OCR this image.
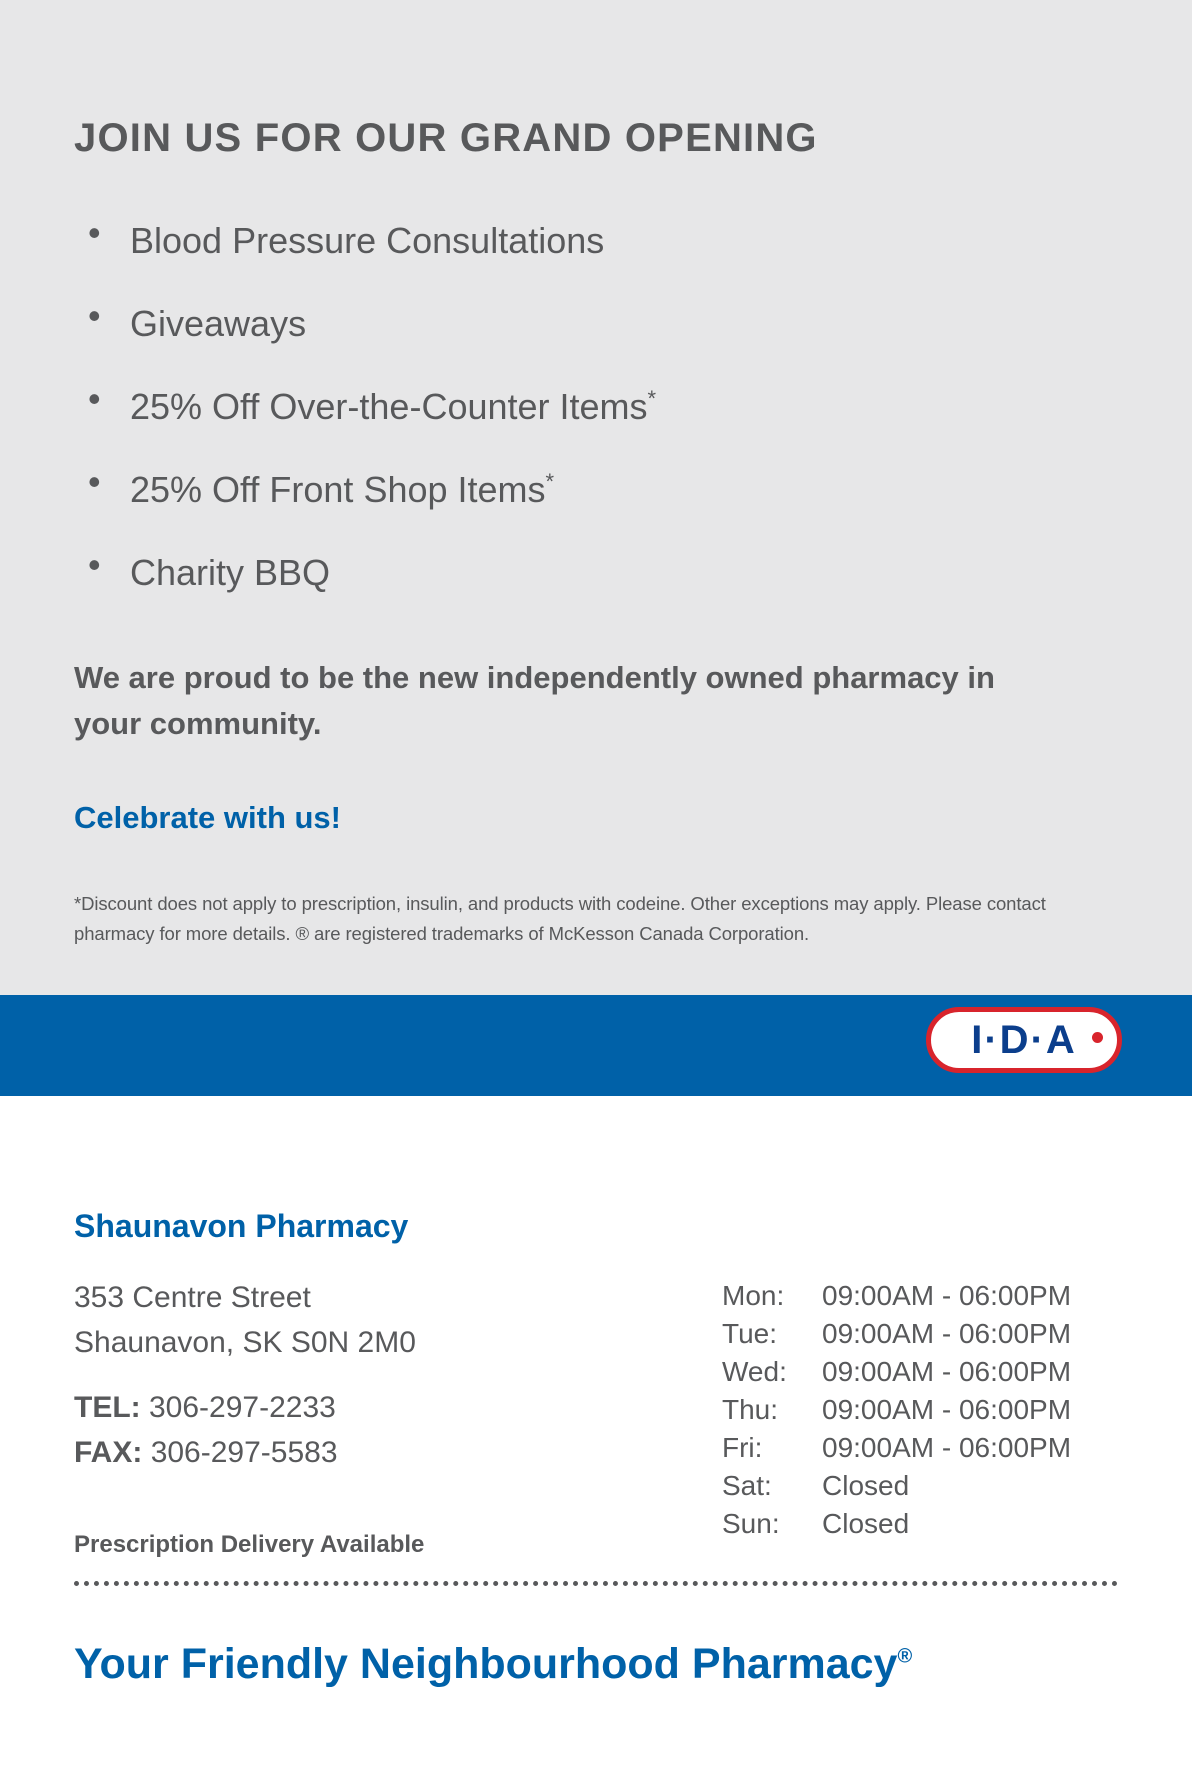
JOIN US FOR OUR GRAND OPENING
• Blood Pressure Consultations
• Giveaways
• 25% Off Over-the-Counter Items*
• 25% Off Front Shop Items*
• Charity BBQ
We are proud to be the new independently owned pharmacy in your community.
Celebrate with us!
*Discount does not apply to prescription, insulin, and products with codeine. Other exceptions may apply. Please contact pharmacy for more details. ® are registered trademarks of McKesson Canada Corporation.
I·D·A
Shaunavon Pharmacy
353 Centre Street
Shaunavon, SK S0N 2M0
TEL: 306-297-2233
FAX: 306-297-5583
Prescription Delivery Available
Mon:	09:00AM - 06:00PM
Tue:	09:00AM - 06:00PM
Wed:	09:00AM - 06:00PM
Thu:	09:00AM - 06:00PM
Fri:	09:00AM - 06:00PM
Sat:	Closed
Sun:	Closed
Your Friendly Neighbourhood Pharmacy®
